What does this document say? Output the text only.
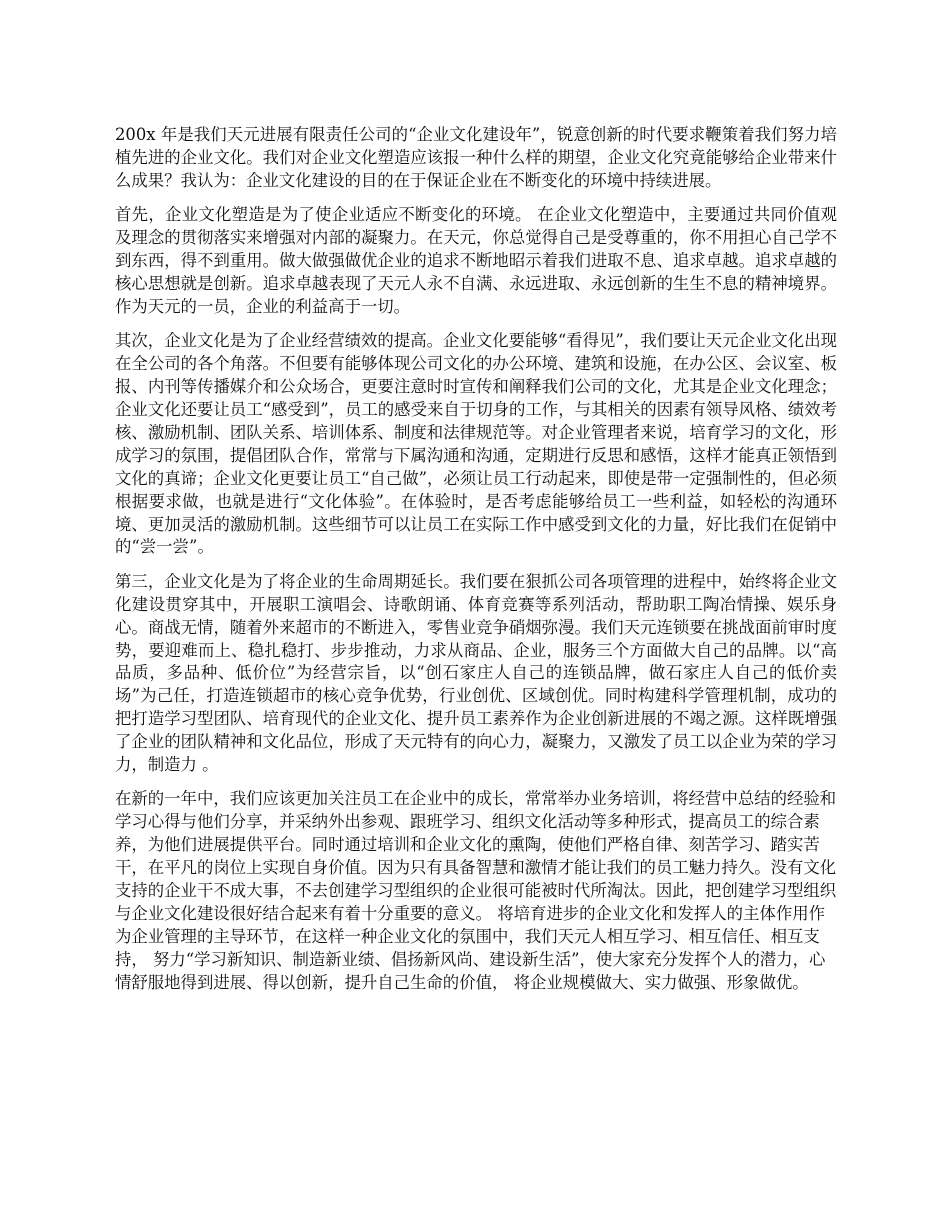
200x 年是我们天元进展有限责任公司的“企业文化建设年”，锐意创新的时代要求鞭策着我们努力培植先进的企业文化。我们对企业文化塑造应该报一种什么样的期望，企业文化究竟能够给企业带来什么成果？我认为：企业文化建设的目的在于保证企业在不断变化的环境中持续进展。

首先，企业文化塑造是为了使企业适应不断变化的环境。 在企业文化塑造中，主要通过共同价值观及理念的贯彻落实来增强对内部的凝聚力。在天元，你总觉得自己是受尊重的，你不用担心自己学不到东西，得不到重用。做大做强做优企业的追求不断地昭示着我们进取不息、追求卓越。追求卓越的核心思想就是创新。追求卓越表现了天元人永不自满、永远进取、永远创新的生生不息的精神境界。 作为天元的一员，企业的利益高于一切。

其次，企业文化是为了企业经营绩效的提高。企业文化要能够“看得见”，我们要让天元企业文化出现在全公司的各个角落。不但要有能够体现公司文化的办公环境、建筑和设施，在办公区、会议室、板报、内刊等传播媒介和公众场合，更要注意时时宣传和阐释我们公司的文化，尤其是企业文化理念；企业文化还要让员工“感受到”，员工的感受来自于切身的工作，与其相关的因素有领导风格、绩效考核、激励机制、团队关系、培训体系、制度和法律规范等。对企业管理者来说，培育学习的文化，形成学习的氛围，提倡团队合作，常常与下属沟通和沟通，定期进行反思和感悟，这样才能真正领悟到文化的真谛；企业文化更要让员工“自己做”，必须让员工行动起来，即使是带一定强制性的，但必须根据要求做，也就是进行“文化体验”。在体验时，是否考虑能够给员工一些利益，如轻松的沟通环境、更加灵活的激励机制。这些细节可以让员工在实际工作中感受到文化的力量，好比我们在促销中的“尝一尝”。

第三，企业文化是为了将企业的生命周期延长。我们要在狠抓公司各项管理的进程中，始终将企业文化建设贯穿其中，开展职工演唱会、诗歌朗诵、体育竞赛等系列活动，帮助职工陶冶情操、娱乐身心。商战无情，随着外来超市的不断进入，零售业竞争硝烟弥漫。我们天元连锁要在挑战面前审时度势，要迎难而上、稳扎稳打、步步推动，力求从商品、企业，服务三个方面做大自己的品牌。以“高品质，多品种、低价位”为经营宗旨，以“创石家庄人自己的连锁品牌，做石家庄人自己的低价卖场”为己任，打造连锁超市的核心竞争优势，行业创优、区域创优。同时构建科学管理机制，成功的把打造学习型团队、培育现代的企业文化、提升员工素养作为企业创新进展的不竭之源。这样既增强了企业的团队精神和文化品位，形成了天元特有的向心力，凝聚力，又激发了员工以企业为荣的学习力，制造力 。

在新的一年中，我们应该更加关注员工在企业中的成长，常常举办业务培训，将经营中总结的经验和学习心得与他们分享，并采纳外出参观、跟班学习、组织文化活动等多种形式，提高员工的综合素养，为他们进展提供平台。同时通过培训和企业文化的熏陶，使他们严格自律、刻苦学习、踏实苦干，在平凡的岗位上实现自身价值。因为只有具备智慧和激情才能让我们的员工魅力持久。没有文化支持的企业干不成大事，不去创建学习型组织的企业很可能被时代所淘汰。因此，把创建学习型组织与企业文化建设很好结合起来有着十分重要的意义。 将培育进步的企业文化和发挥人的主体作用作为企业管理的主导环节，在这样一种企业文化的氛围中，我们天元人相互学习、相互信任、相互支持， 努力“学习新知识、制造新业绩、倡扬新风尚、建设新生活”，使大家充分发挥个人的潜力，心情舒服地得到进展、得以创新，提升自己生命的价值， 将企业规模做大、实力做强、形象做优。
